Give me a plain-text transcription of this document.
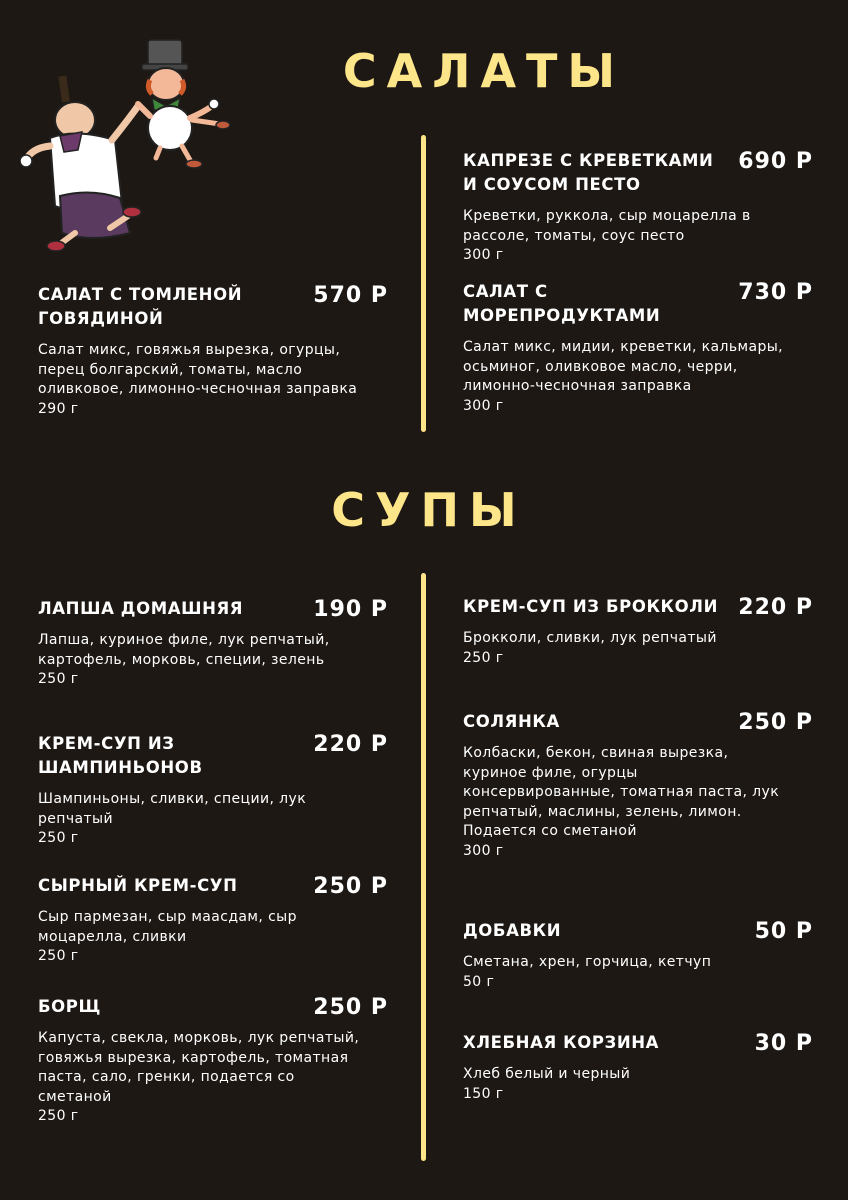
САЛАТЫ
СУПЫ
САЛАТ С ТОМЛЕНОЙ ГОВЯДИНОЙ
570 Р
Салат микс, говяжья вырезка, огурцы, перец болгарский, томаты, масло оливковое, лимонно-чесночная заправка
290 г
КАПРЕЗЕ С КРЕВЕТКАМИ И СОУСОМ ПЕСТО
690 Р
Креветки, руккола, сыр моцарелла в рассоле, томаты, соус песто
300 г
САЛАТ С МОРЕПРОДУКТАМИ
730 Р
Салат микс, мидии, креветки, кальмары, осьминог, оливковое масло, черри, лимонно-чесночная заправка
300 г
ЛАПША ДОМАШНЯЯ	190 Р
Лапша, куриное филе, лук репчатый, картофель, морковь, специи, зелень
250 г
КРЕМ-СУП ИЗ ШАМПИНЬОНОВ
220 Р
Шампиньоны, сливки, специи, лук репчатый
250 г
СЫРНЫЙ КРЕМ-СУП	250 Р
Сыр пармезан, сыр маасдам, сыр моцарелла, сливки
250 г
БОРЩ	250 Р
Капуста, свекла, морковь, лук репчатый, говяжья вырезка, картофель, томатная паста, сало, гренки, подается со сметаной
250 г
КРЕМ-СУП ИЗ БРОККОЛИ 220 Р
Брокколи, сливки, лук репчатый
250 г
СОЛЯНКА	250 Р
Колбаски, бекон, свиная вырезка, куриное филе, огурцы консервированные, томатная паста, лук репчатый, маслины, зелень, лимон. Подается со сметаной
300 г
ДОБАВКИ	50 Р
Сметана, хрен, горчица, кетчуп
50 г
ХЛЕБНАЯ КОРЗИНА	30 Р
Хлеб белый и черный
150 г
